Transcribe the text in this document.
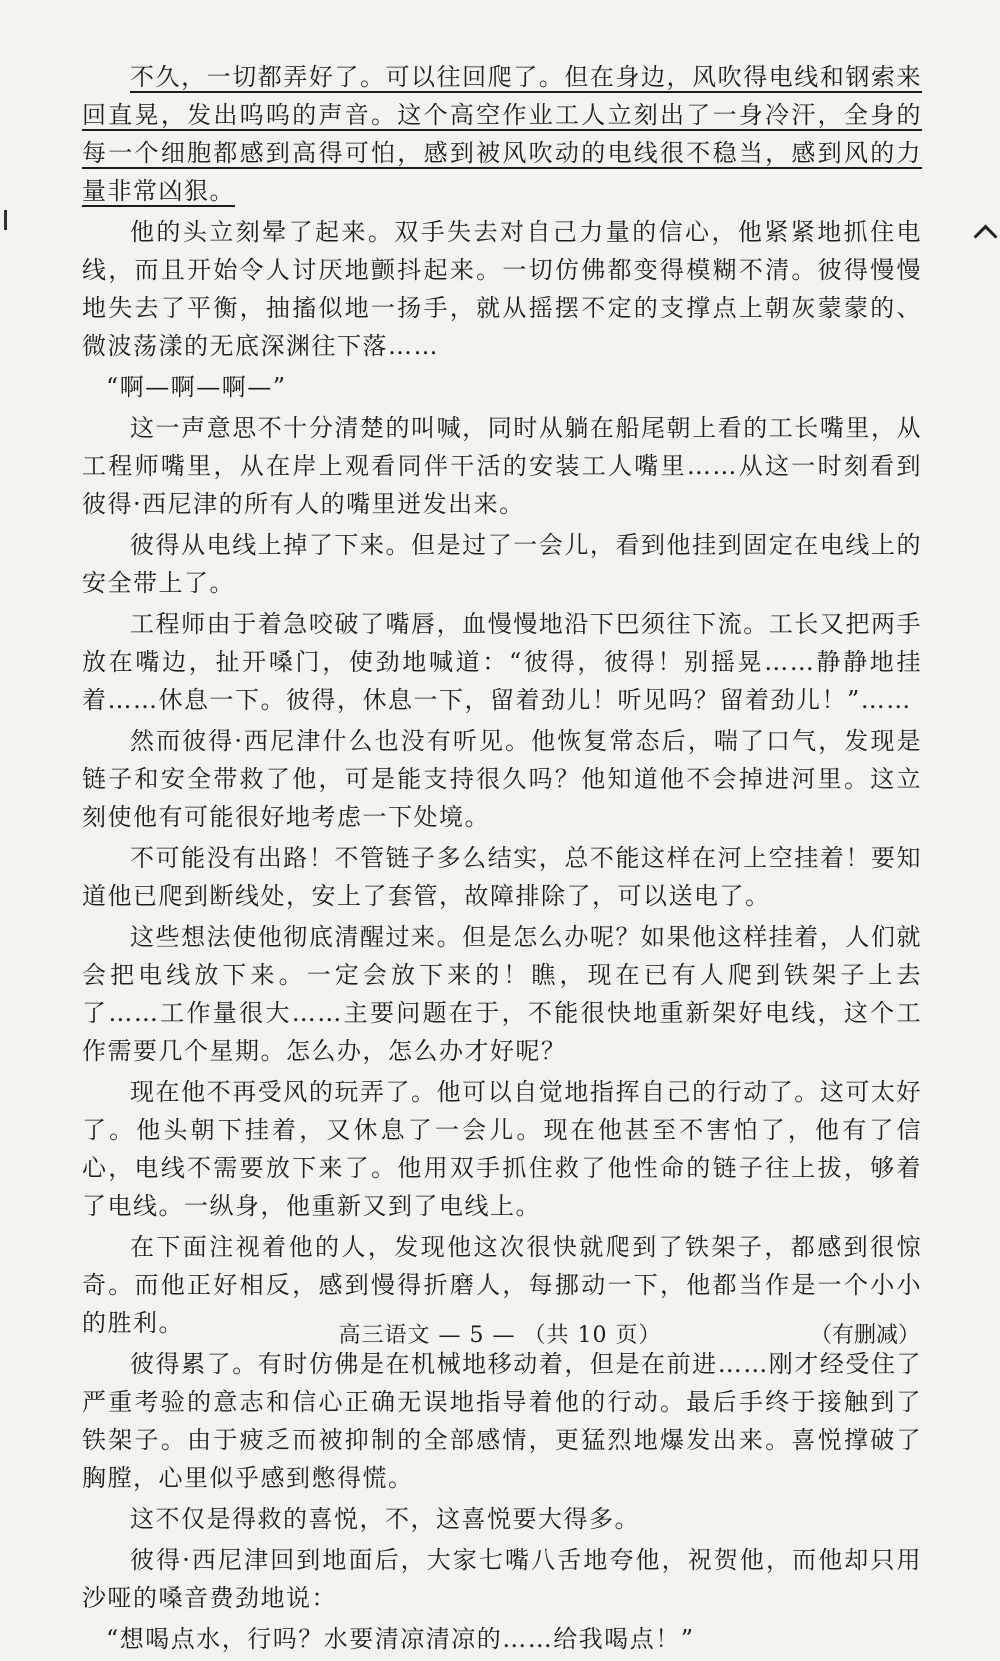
不久，一切都弄好了。可以往回爬了。但在身边，风吹得电线和钢索来回直晃，发出呜呜的声音。这个高空作业工人立刻出了一身冷汗，全身的每一个细胞都感到高得可怕，感到被风吹动的电线很不稳当，感到风的力量非常凶狠。

他的头立刻晕了起来。双手失去对自己力量的信心，他紧紧地抓住电线，而且开始令人讨厌地颤抖起来。一切仿佛都变得模糊不清。彼得慢慢地失去了平衡，抽搐似地一扬手，就从摇摆不定的支撑点上朝灰蒙蒙的、微波荡漾的无底深渊往下落……

“啊—啊—啊—”

这一声意思不十分清楚的叫喊，同时从躺在船尾朝上看的工长嘴里，从工程师嘴里，从在岸上观看同伴干活的安装工人嘴里……从这一时刻看到彼得·西尼津的所有人的嘴里迸发出来。

彼得从电线上掉了下来。但是过了一会儿，看到他挂到固定在电线上的安全带上了。

工程师由于着急咬破了嘴唇，血慢慢地沿下巴须往下流。工长又把两手放在嘴边，扯开嗓门，使劲地喊道：“彼得，彼得！别摇晃……静静地挂着……休息一下。彼得，休息一下，留着劲儿！听见吗？留着劲儿！”……

然而彼得·西尼津什么也没有听见。他恢复常态后，喘了口气，发现是链子和安全带救了他，可是能支持很久吗？他知道他不会掉进河里。这立刻使他有可能很好地考虑一下处境。

不可能没有出路！不管链子多么结实，总不能这样在河上空挂着！要知道他已爬到断线处，安上了套管，故障排除了，可以送电了。

这些想法使他彻底清醒过来。但是怎么办呢？如果他这样挂着，人们就会把电线放下来。一定会放下来的！瞧，现在已有人爬到铁架子上去了……工作量很大……主要问题在于，不能很快地重新架好电线，这个工作需要几个星期。怎么办，怎么办才好呢？

现在他不再受风的玩弄了。他可以自觉地指挥自己的行动了。这可太好了。他头朝下挂着，又休息了一会儿。现在他甚至不害怕了，他有了信心，电线不需要放下来了。他用双手抓住救了他性命的链子往上拔，够着了电线。一纵身，他重新又到了电线上。

在下面注视着他的人，发现他这次很快就爬到了铁架子，都感到很惊奇。而他正好相反，感到慢得折磨人，每挪动一下，他都当作是一个小小的胜利。

彼得累了。有时仿佛是在机械地移动着，但是在前进……刚才经受住了严重考验的意志和信心正确无误地指导着他的行动。最后手终于接触到了铁架子。由于疲乏而被抑制的全部感情，更猛烈地爆发出来。喜悦撑破了胸膛，心里似乎感到憋得慌。

这不仅是得救的喜悦，不，这喜悦要大得多。

彼得·西尼津回到地面后，大家七嘴八舌地夸他，祝贺他，而他却只用沙哑的嗓音费劲地说：

“想喝点水，行吗？水要清凉清凉的……给我喝点！”

高三语文 — 5 — （共 10 页）	（有删减）
